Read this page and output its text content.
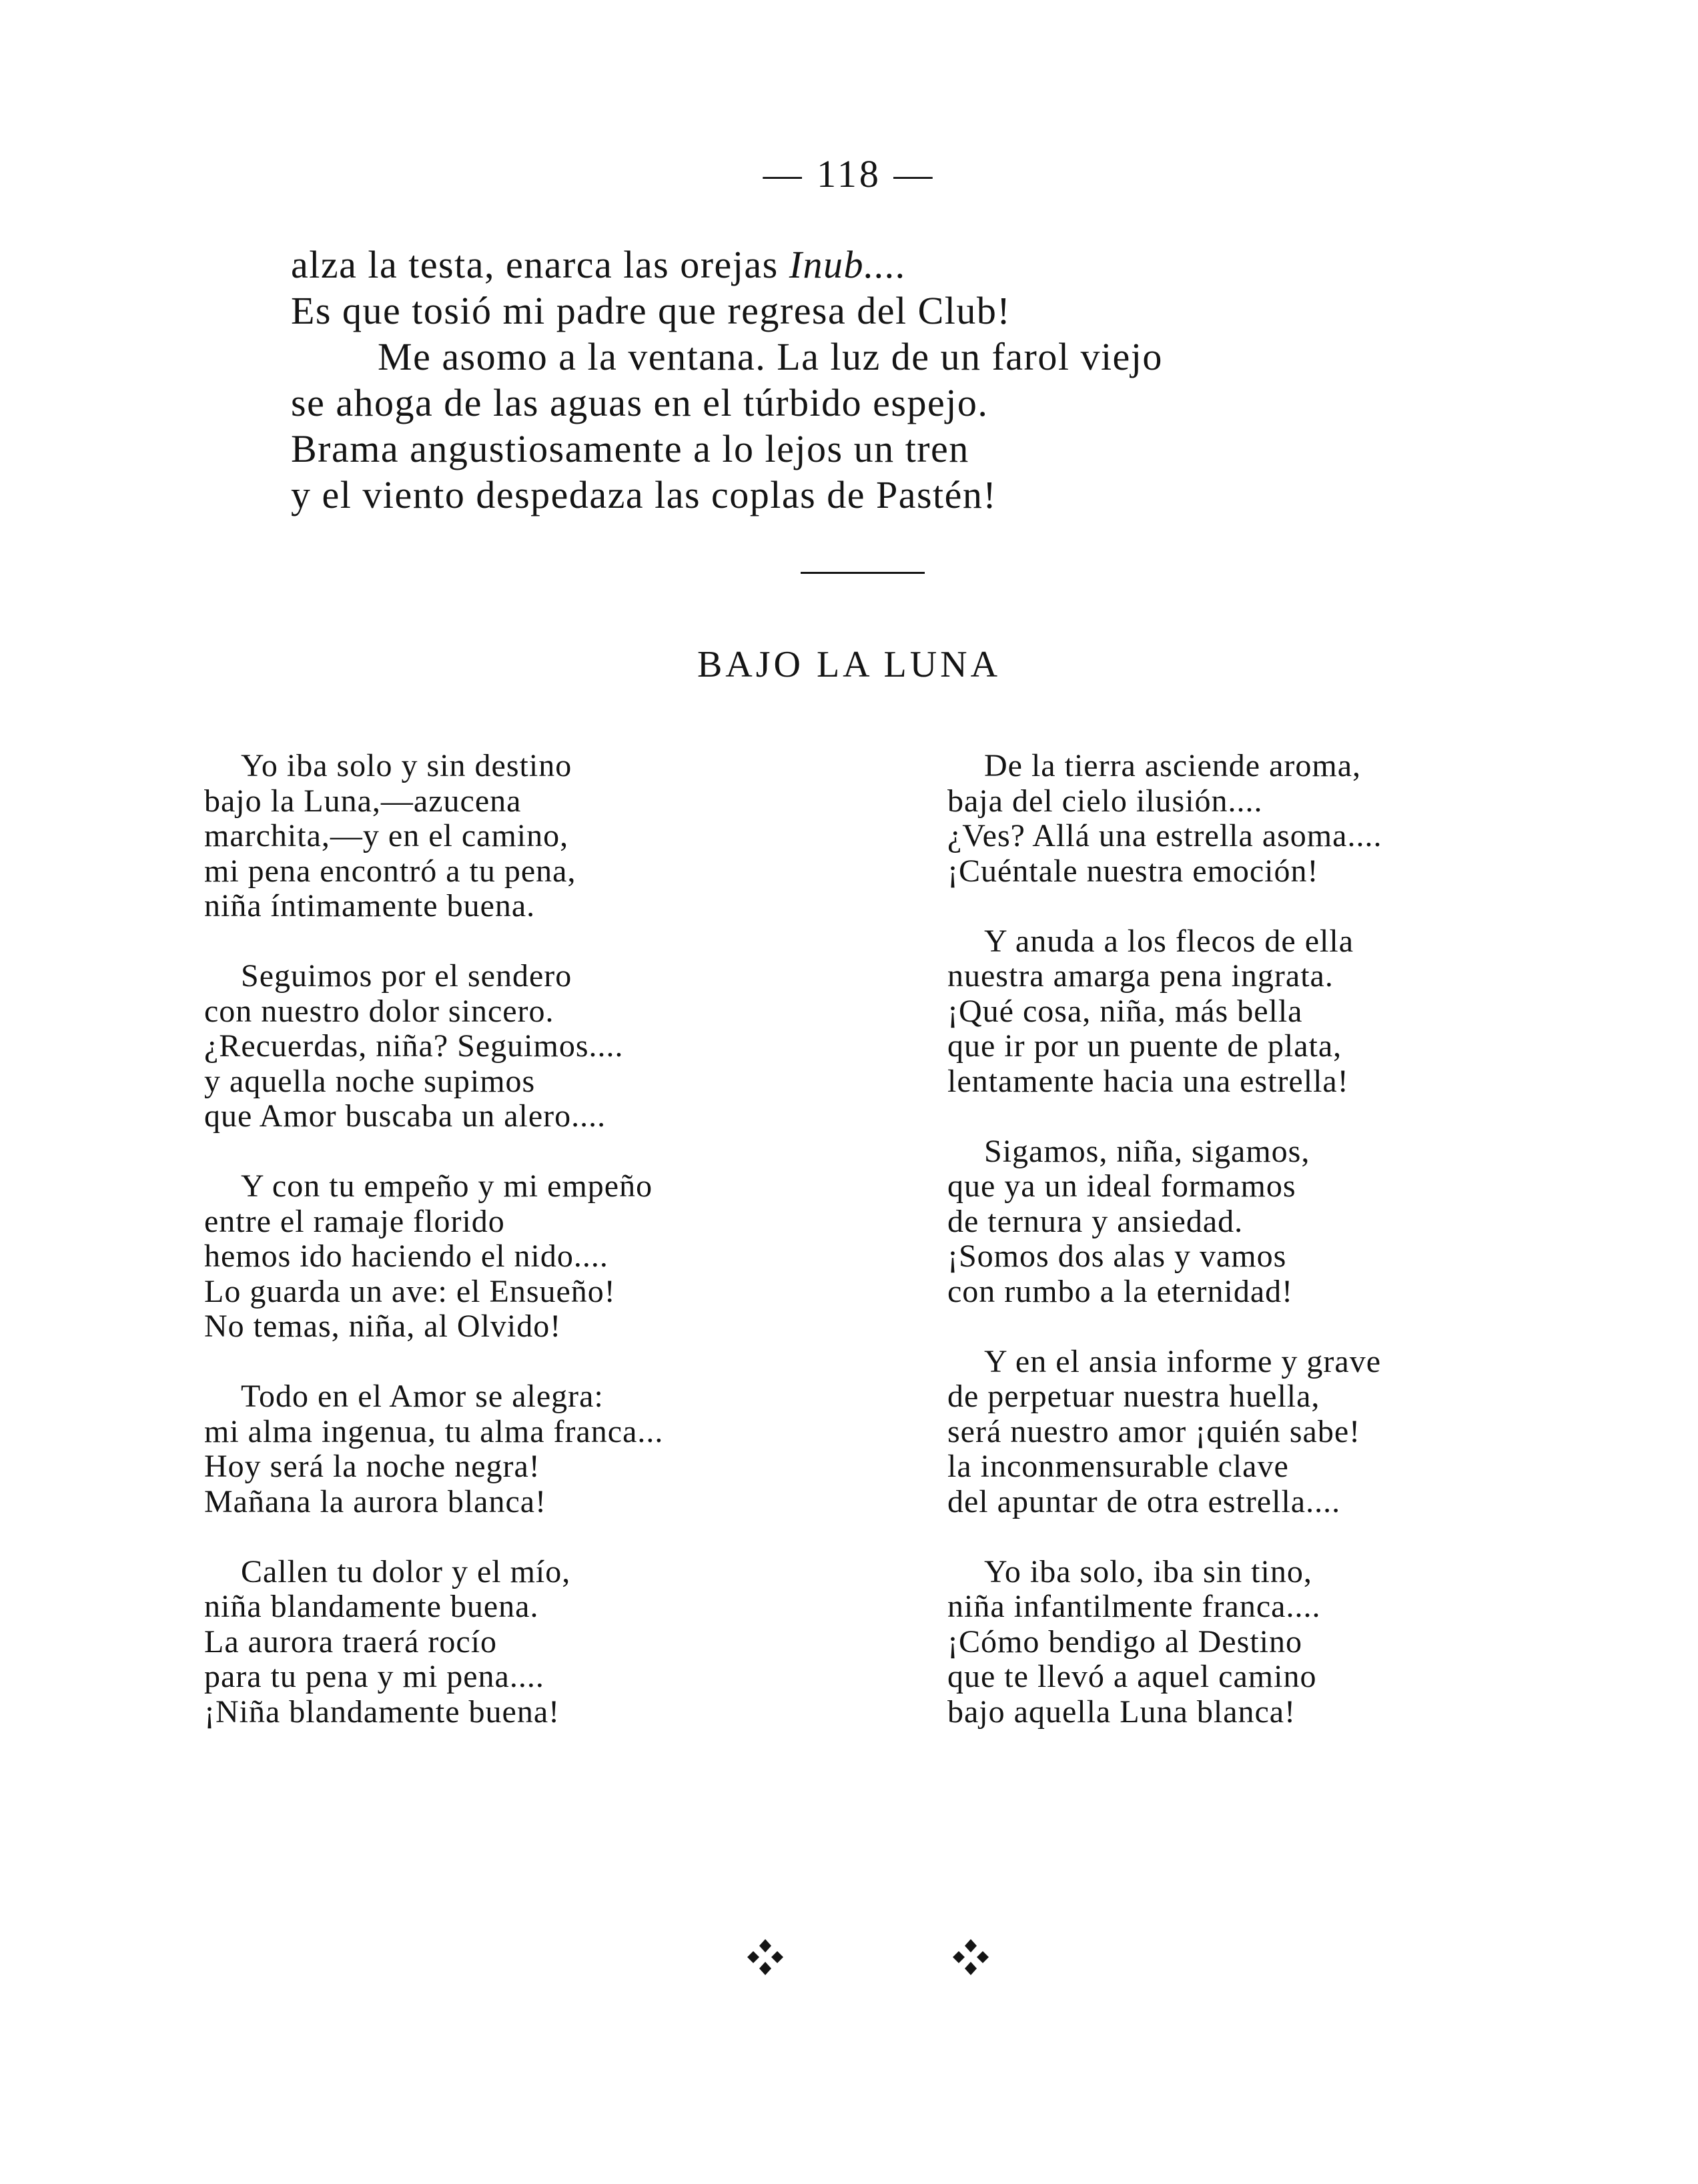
— 118 —
alza la testa, enarca las orejas Inub....
Es que tosió mi padre que regresa del Club!
Me asomo a la ventana. La luz de un farol viejo
se ahoga de las aguas en el túrbido espejo.
Brama angustiosamente a lo lejos un tren
y el viento despedaza las coplas de Pastén!
BAJO LA LUNA
Yo iba solo y sin destino
bajo la Luna,—azucena
marchita,—y en el camino,
mi pena encontró a tu pena,
niña íntimamente buena.
Seguimos por el sendero
con nuestro dolor sincero.
¿Recuerdas, niña? Seguimos....
y aquella noche supimos
que Amor buscaba un alero....
Y con tu empeño y mi empeño
entre el ramaje florido
hemos ido haciendo el nido....
Lo guarda un ave: el Ensueño!
No temas, niña, al Olvido!
Todo en el Amor se alegra:
mi alma ingenua, tu alma franca...
Hoy será la noche negra!
Mañana la aurora blanca!
Callen tu dolor y el mío,
niña blandamente buena.
La aurora traerá rocío
para tu pena y mi pena....
¡Niña blandamente buena!
De la tierra asciende aroma,
baja del cielo ilusión....
¿Ves? Allá una estrella asoma....
¡Cuéntale nuestra emoción!
Y anuda a los flecos de ella
nuestra amarga pena ingrata.
¡Qué cosa, niña, más bella
que ir por un puente de plata,
lentamente hacia una estrella!
Sigamos, niña, sigamos,
que ya un ideal formamos
de ternura y ansiedad.
¡Somos dos alas y vamos
con rumbo a la eternidad!
Y en el ansia informe y grave
de perpetuar nuestra huella,
será nuestro amor ¡quién sabe!
la inconmensurable clave
del apuntar de otra estrella....
Yo iba solo, iba sin tino,
niña infantilmente franca....
¡Cómo bendigo al Destino
que te llevó a aquel camino
bajo aquella Luna blanca!
